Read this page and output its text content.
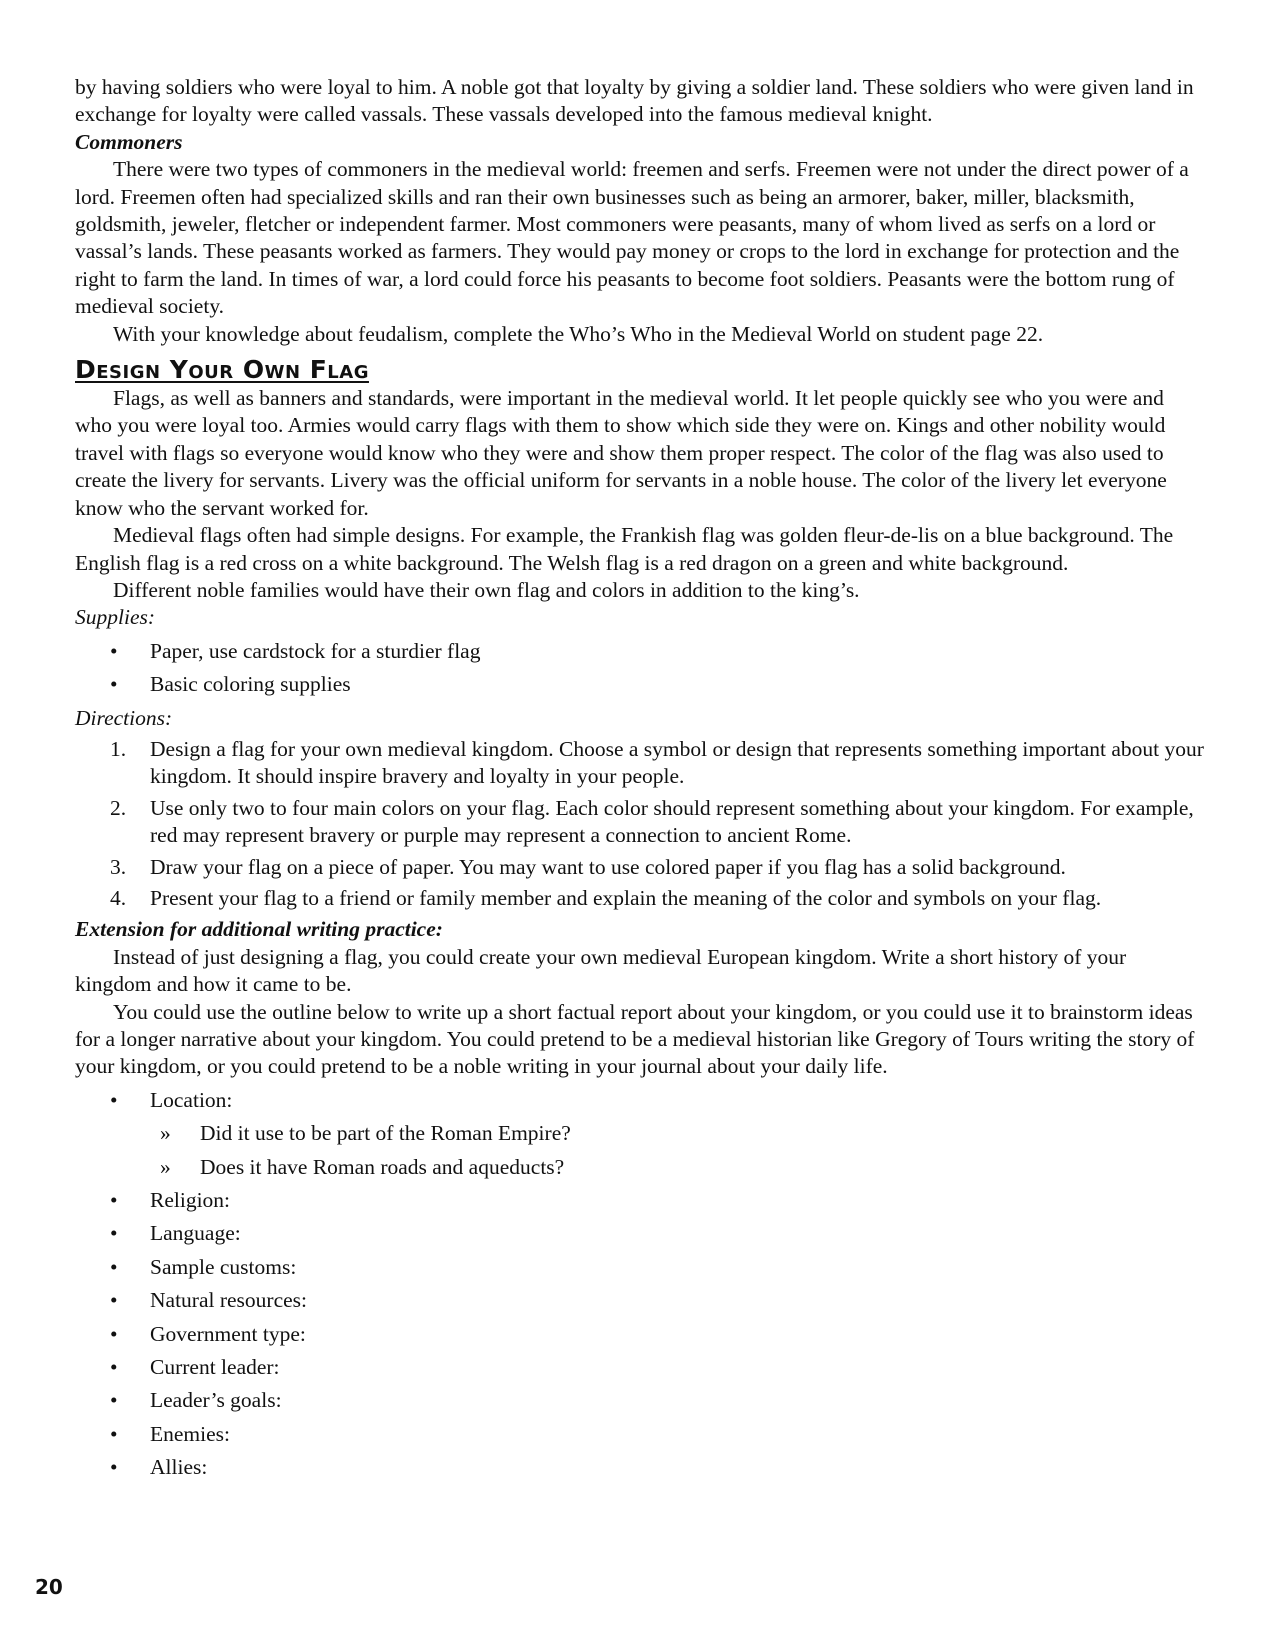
by having soldiers who were loyal to him. A noble got that loyalty by giving a soldier land. These soldiers who were given land in exchange for loyalty were called vassals. These vassals developed into the famous medieval knight.

Commoners

There were two types of commoners in the medieval world: freemen and serfs. Freemen were not under the direct power of a lord. Freemen often had specialized skills and ran their own businesses such as being an armorer, baker, miller, blacksmith, goldsmith, jeweler, fletcher or independent farmer. Most commoners were peasants, many of whom lived as serfs on a lord or vassal’s lands. These peasants worked as farmers. They would pay money or crops to the lord in exchange for protection and the right to farm the land. In times of war, a lord could force his peasants to become foot soldiers. Peasants were the bottom rung of medieval society.

With your knowledge about feudalism, complete the Who’s Who in the Medieval World on student page 22.

Design Your Own Flag

Flags, as well as banners and standards, were important in the medieval world. It let people quickly see who you were and who you were loyal too. Armies would carry flags with them to show which side they were on. Kings and other nobility would travel with flags so everyone would know who they were and show them proper respect. The color of the flag was also used to create the livery for servants. Livery was the official uniform for servants in a noble house. The color of the livery let everyone know who the servant worked for.

Medieval flags often had simple designs. For example, the Frankish flag was golden fleur-de-lis on a blue background. The English flag is a red cross on a white background. The Welsh flag is a red dragon on a green and white background.

Different noble families would have their own flag and colors in addition to the king’s.

Supplies:

• Paper, use cardstock for a sturdier flag
• Basic coloring supplies

Directions:

1. Design a flag for your own medieval kingdom. Choose a symbol or design that represents something important about your kingdom. It should inspire bravery and loyalty in your people.
2. Use only two to four main colors on your flag. Each color should represent something about your kingdom. For example, red may represent bravery or purple may represent a connection to ancient Rome.
3. Draw your flag on a piece of paper. You may want to use colored paper if you flag has a solid background.
4. Present your flag to a friend or family member and explain the meaning of the color and symbols on your flag.

Extension for additional writing practice:

Instead of just designing a flag, you could create your own medieval European kingdom. Write a short history of your kingdom and how it came to be.

You could use the outline below to write up a short factual report about your kingdom, or you could use it to brainstorm ideas for a longer narrative about your kingdom. You could pretend to be a medieval historian like Gregory of Tours writing the story of your kingdom, or you could pretend to be a noble writing in your journal about your daily life.

• Location:
» Did it use to be part of the Roman Empire?
» Does it have Roman roads and aqueducts?
• Religion:
• Language:
• Sample customs:
• Natural resources:
• Government type:
• Current leader:
• Leader’s goals:
• Enemies:
• Allies:
20
